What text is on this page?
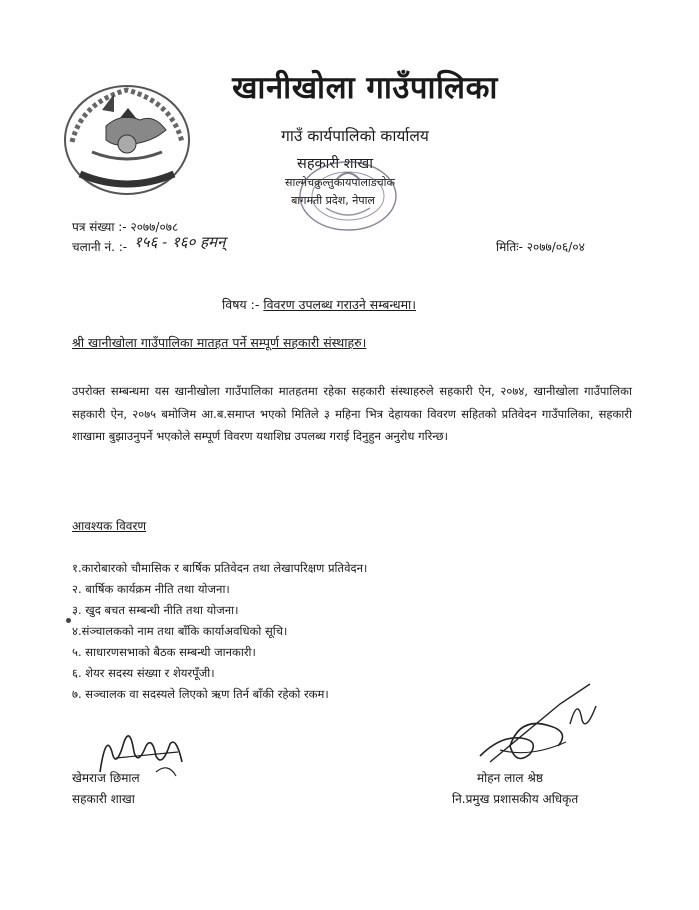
खानीखोला गाउँपालिका
गाउँ कार्यपालिको कार्यालय
सहकारी शाखा
साल्मेचक्रुल्तुकायपालाडचोक
बागमती प्रदेश, नेपाल
पत्र संख्या :- २०७७/०७८
चलानी नं. :- १५६ - १६० हमन्	मितिः- २०७७/०६/०४
विषय :- विवरण उपलब्ध गराउने सम्बन्धमा।
श्री खानीखोला गाउँपालिका मातहत पर्ने सम्पूर्ण सहकारी संस्थाहरु।
उपरोक्त सम्बन्धमा यस खानीखोला गाउँपालिका मातहतमा रहेका सहकारी संस्थाहरुले सहकारी ऐन, २०७४, खानीखोला गाउँपालिका सहकारी ऐन, २०७५ बमोजिम आ.ब.समाप्त भएको मितिले ३ महिना भित्र देहायका विवरण सहितको प्रतिवेदन गाउँपालिका, सहकारी शाखामा बुझाउनुपर्ने भएकोले सम्पूर्ण विवरण यथाशिघ्र उपलब्ध गराई दिनुहुन अनुरोध गरिन्छ।
आवश्यक विवरण
१.कारोबारको चौमासिक र बार्षिक प्रतिवेदन तथा लेखापरिक्षण प्रतिवेदन।
२. बार्षिक कार्यक्रम नीति तथा योजना।
३. खुद बचत सम्बन्धी नीति तथा योजना।
४.संञ्चालकको नाम तथा बाँकि कार्याअवधिको सूचि।
५. साधारणसभाको बैठक सम्बन्धी जानकारी।
६. शेयर सदस्य संख्या र शेयरपूँजी।
७. सञ्चालक वा सदस्यले लिएको ऋण तिर्न बाँकी रहेको रकम।
खेमराज छिमाल
सहकारी शाखा
मोहन लाल श्रेष्ठ
नि.प्रमुख प्रशासकीय अधिकृत
